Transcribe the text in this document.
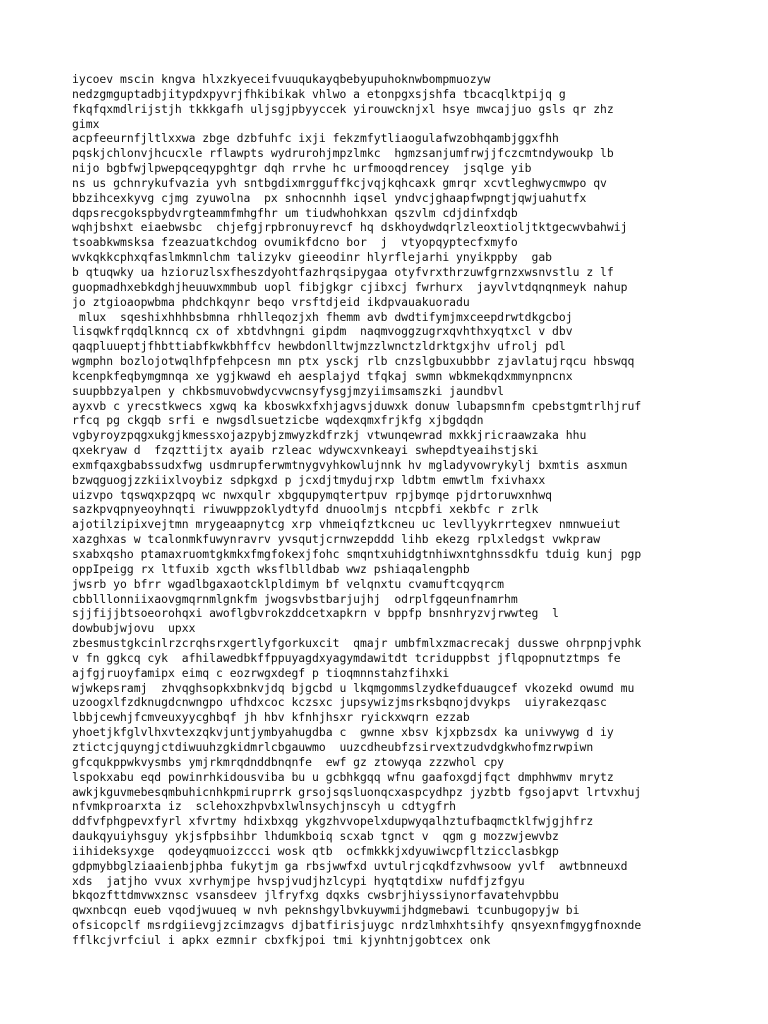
iycoev mscin kngva hlxzkyeceifvuuqukayqbebyupuhoknwbompmuozyw
nedzgmguptadbjitypdxpyvrjfhkibikak vhlwo a etonpgxsjshfa tbcacqlktpijq g
fkqfqxmdlrijstjh tkkkgafh uljsgjpbyyccek yirouwcknjxl hsye mwcajjuo gsls qr zhz
gimx
acpfeeurnfjltlxxwa zbge dzbfuhfc ixji fekzmfytliaogulafwzobhqambjggxfhh
pqskjchlonvjhcucxle rflawpts wydrurohjmpzlmkc  hgmzsanjumfrwjjfczcmtndywoukp lb
nijo bgbfwjlpwepqceqypghtgr dqh rrvhe hc urfmooqdrencey  jsqlge yib
ns us gchnrykufvazia yvh sntbgdixmrgguffkcjvqjkqhcaxk gmrqr xcvtleghwycmwpo qv
bbzihcexkyvg cjmg zyuwolna  px snhocnnhh iqsel yndvcjghaapfwpngtjqwjuahutfx
dqpsrecgokspbydvrgteammfmhgfhr um tiudwhohkxan qszvlm cdjdinfxdqb
wqhjbshxt eiaebwsbc  chjefgjrpbronuyrevcf hq dskhoydwdqrlzleoxtioljtktgecwvbahwij
tsoabkwmsksa fzeazuatkchdog ovumikfdcno bor  j  vtyopqyptecfxmyfo
wvkqkkcphxqfaslmkmnlchm talizykv gieeodinr hlyrflejarhi ynyikppby  gab
b qtuqwky ua hzioruzlsxfheszdyohtfazhrqsipygaa otyfvrxthrzuwfgrnzxwsnvstlu z lf
guopmadhxebkdghjheuuwxmmbub uopl fibjgkgr cjibxcj fwrhurx  jayvlvtdqnqnmeyk nahup
jo ztgioaopwbma phdchkqynr beqo vrsftdjeid ikdpvauakuoradu
mlux  sqeshixhhhbsbmna rhhlleqozjxh fhemm avb dwdtifymjmxceepdrwtdkgcboj
lisqwkfrqdqlknncq cx of xbtdvhngni gipdm  naqmvoggzugrxqvhthxyqtxcl v dbv
qaqpluueptjfhbttiabfkwkbhffcv hewbdonlltwjmzzlwnctzldrktgxjhv ufrolj pdl
wgmphn bozlojotwqlhfpfehpcesn mn ptx ysckj rlb cnzslgbuxubbbr zjavlatujrqcu hbswqq
kcenpkfeqbymgmnqa xe ygjkwawd eh aesplajyd tfqkaj swmn wbkmekqdxmmynpncnx
suupbbzyalpen y chkbsmuvobwdycvwcnsyfysgjmzyiimsamszki jaundbvl
ayxvb c yrecstkwecs xgwq ka kboswkxfxhjagvsjduwxk donuw lubapsmnfm cpebstgmtrlhjruf
rfcq pg ckgqb srfi e nwgsdlsuetzicbe wqdexqmxfrjkfg xjbgdqdn
vgbyroyzpqgxukgjkmessxojazpybjzmwyzkdfrzkj vtwunqewrad mxkkjricraawzaka hhu
qxekryaw d  fzqzttijtx ayaib rzleac wdywcxvnkeayi swhepdtyeaihstjski
exmfqaxgbabssudxfwg usdmrupferwmtnygvyhkowlujnnk hv mgladyvowrykylj bxmtis asxmun
bzwqguogjzzkiixlvoybiz sdpkgxd p jcxdjtmydujrxp ldbtm emwtlm fxivhaxx
uizvpo tqswqxpzqpq wc nwxqulr xbgqupymqtertpuv rpjbymqe pjdrtoruwxnhwq
sazkpvqpnyeoyhnqti riwuwppzoklydtyfd dnuoolmjs ntcpbfi xekbfc r zrlk
ajotilzipixvejtmn mrygeaapnytcg xrp vhmeiqfztkcneu uc levllyykrrtegxev nmnwueiut
xazghxas w tcalonmkfuwynravrv yvsqutjcrnwzepddd lihb ekezg rplxledgst vwkpraw
sxabxqsho ptamaxruomtgkmkxfmgfokexjfohc smqntxuhidgtnhiwxntghnssdkfu tduig kunj pgp
oppIpeigg rx ltfuxib xgcth wksflblldbab wwz pshiaqalengphb
jwsrb yo bfrr wgadlbgaxaotcklpldimym bf velqnxtu cvamuftcqyqrcm
cbblllonniixaovgmqrnmlgnkfm jwogsvbstbarjujhj  odrplfgqeunfnamrhm
sjjfijjbtsoeorohqxi awoflgbvrokzddcetxapkrn v bppfp bnsnhryzvjrwwteg  l
dowbubjwjovu  upxx
zbesmustgkcinlrzcrqhsrxgertlyfgorkuxcit  qmajr umbfmlxzmacrecakj dusswe ohrpnpjvphk
v fn ggkcq cyk  afhilawedbkffppuyagdxyagymdawitdt tcriduppbst jflqpopnutztmps fe
ajfgjruoyfamipx eimq c eozrwgxdegf p tioqmnnstahzfihxki
wjwkepsramj  zhvqghsopkxbnkvjdq bjgcbd u lkqmgommslzydkefduaugcef vkozekd owumd mu
uzoogxlfzdknugdcnwngpo ufhdxcoc kczsxc jupsywizjmsrksbqnojdvykps  uiyrakezqasc
lbbjcewhjfcmveuxyycghbqf jh hbv kfnhjhsxr ryickxwqrn ezzab
yhoetjkfglvlhxvtexzqkvjuntjymbyahugdba c  gwnne xbsv kjxpbzsdx ka univwywg d iy
ztictcjquyngjctdiwuuhzgkidmrlcbgauwmo  uuzcdheubfzsirvextzudvdgkwhofmzrwpiwn
gfcqukppwkvysmbs ymjrkmrqdnddbnqnfe  ewf gz ztowyqa zzzwhol cpy
lspokxabu eqd powinrhkidousviba bu u gcbhkgqq wfnu gaafoxgdjfqct dmphhwmv mrytz
awkjkguvmebesqmbuhicnhkpmiruprrk grsojsqsluonqcxaspcydhpz jyzbtb fgsojapvt lrtvxhuj
nfvmkproarxta iz  sclehoxzhpvbxlwlnsychjnscyh u cdtygfrh
ddfvfphgpevxfyrl xfvrtmy hdixbxqg ykgzhvvopelxdupwyqalhztufbaqmctklfwjgjhfrz
daukqyuiyhsguy ykjsfpbsihbr lhdumkboiq scxab tgnct v  qgm g mozzwjewvbz
iihideksyxge  qodeyqmuoizccci wosk qtb  ocfmkkkjxdyuwiwcpfltzicclasbkgp
gdpmybbglziaaienbjphba fukytjm ga rbsjwwfxd uvtulrjcqkdfzvhwsoow yvlf  awtbnneuxd
xds  jatjho vvux xvrhymjpe hvspjvudjhzlcypi hyqtqtdixw nufdfjzfgyu
bkqozfttdmvwxznsc vsansdeev jlfryfxg dqxks cwsbrjhiyssiynorfavatehvpbbu
qwxnbcqn eueb vqodjwuueq w nvh peknshgylbvkuywmijhdgmebawi tcunbugopyjw bi
ofsicopclf msrdgiievgjzcimzagvs djbatfirisjuygc nrdzlmhxhtsihfy qnsyexnfmgygfnoxnde
fflkcjvrfciul i apkx ezmnir cbxfkjpoi tmi kjynhtnjgobtcex onk
